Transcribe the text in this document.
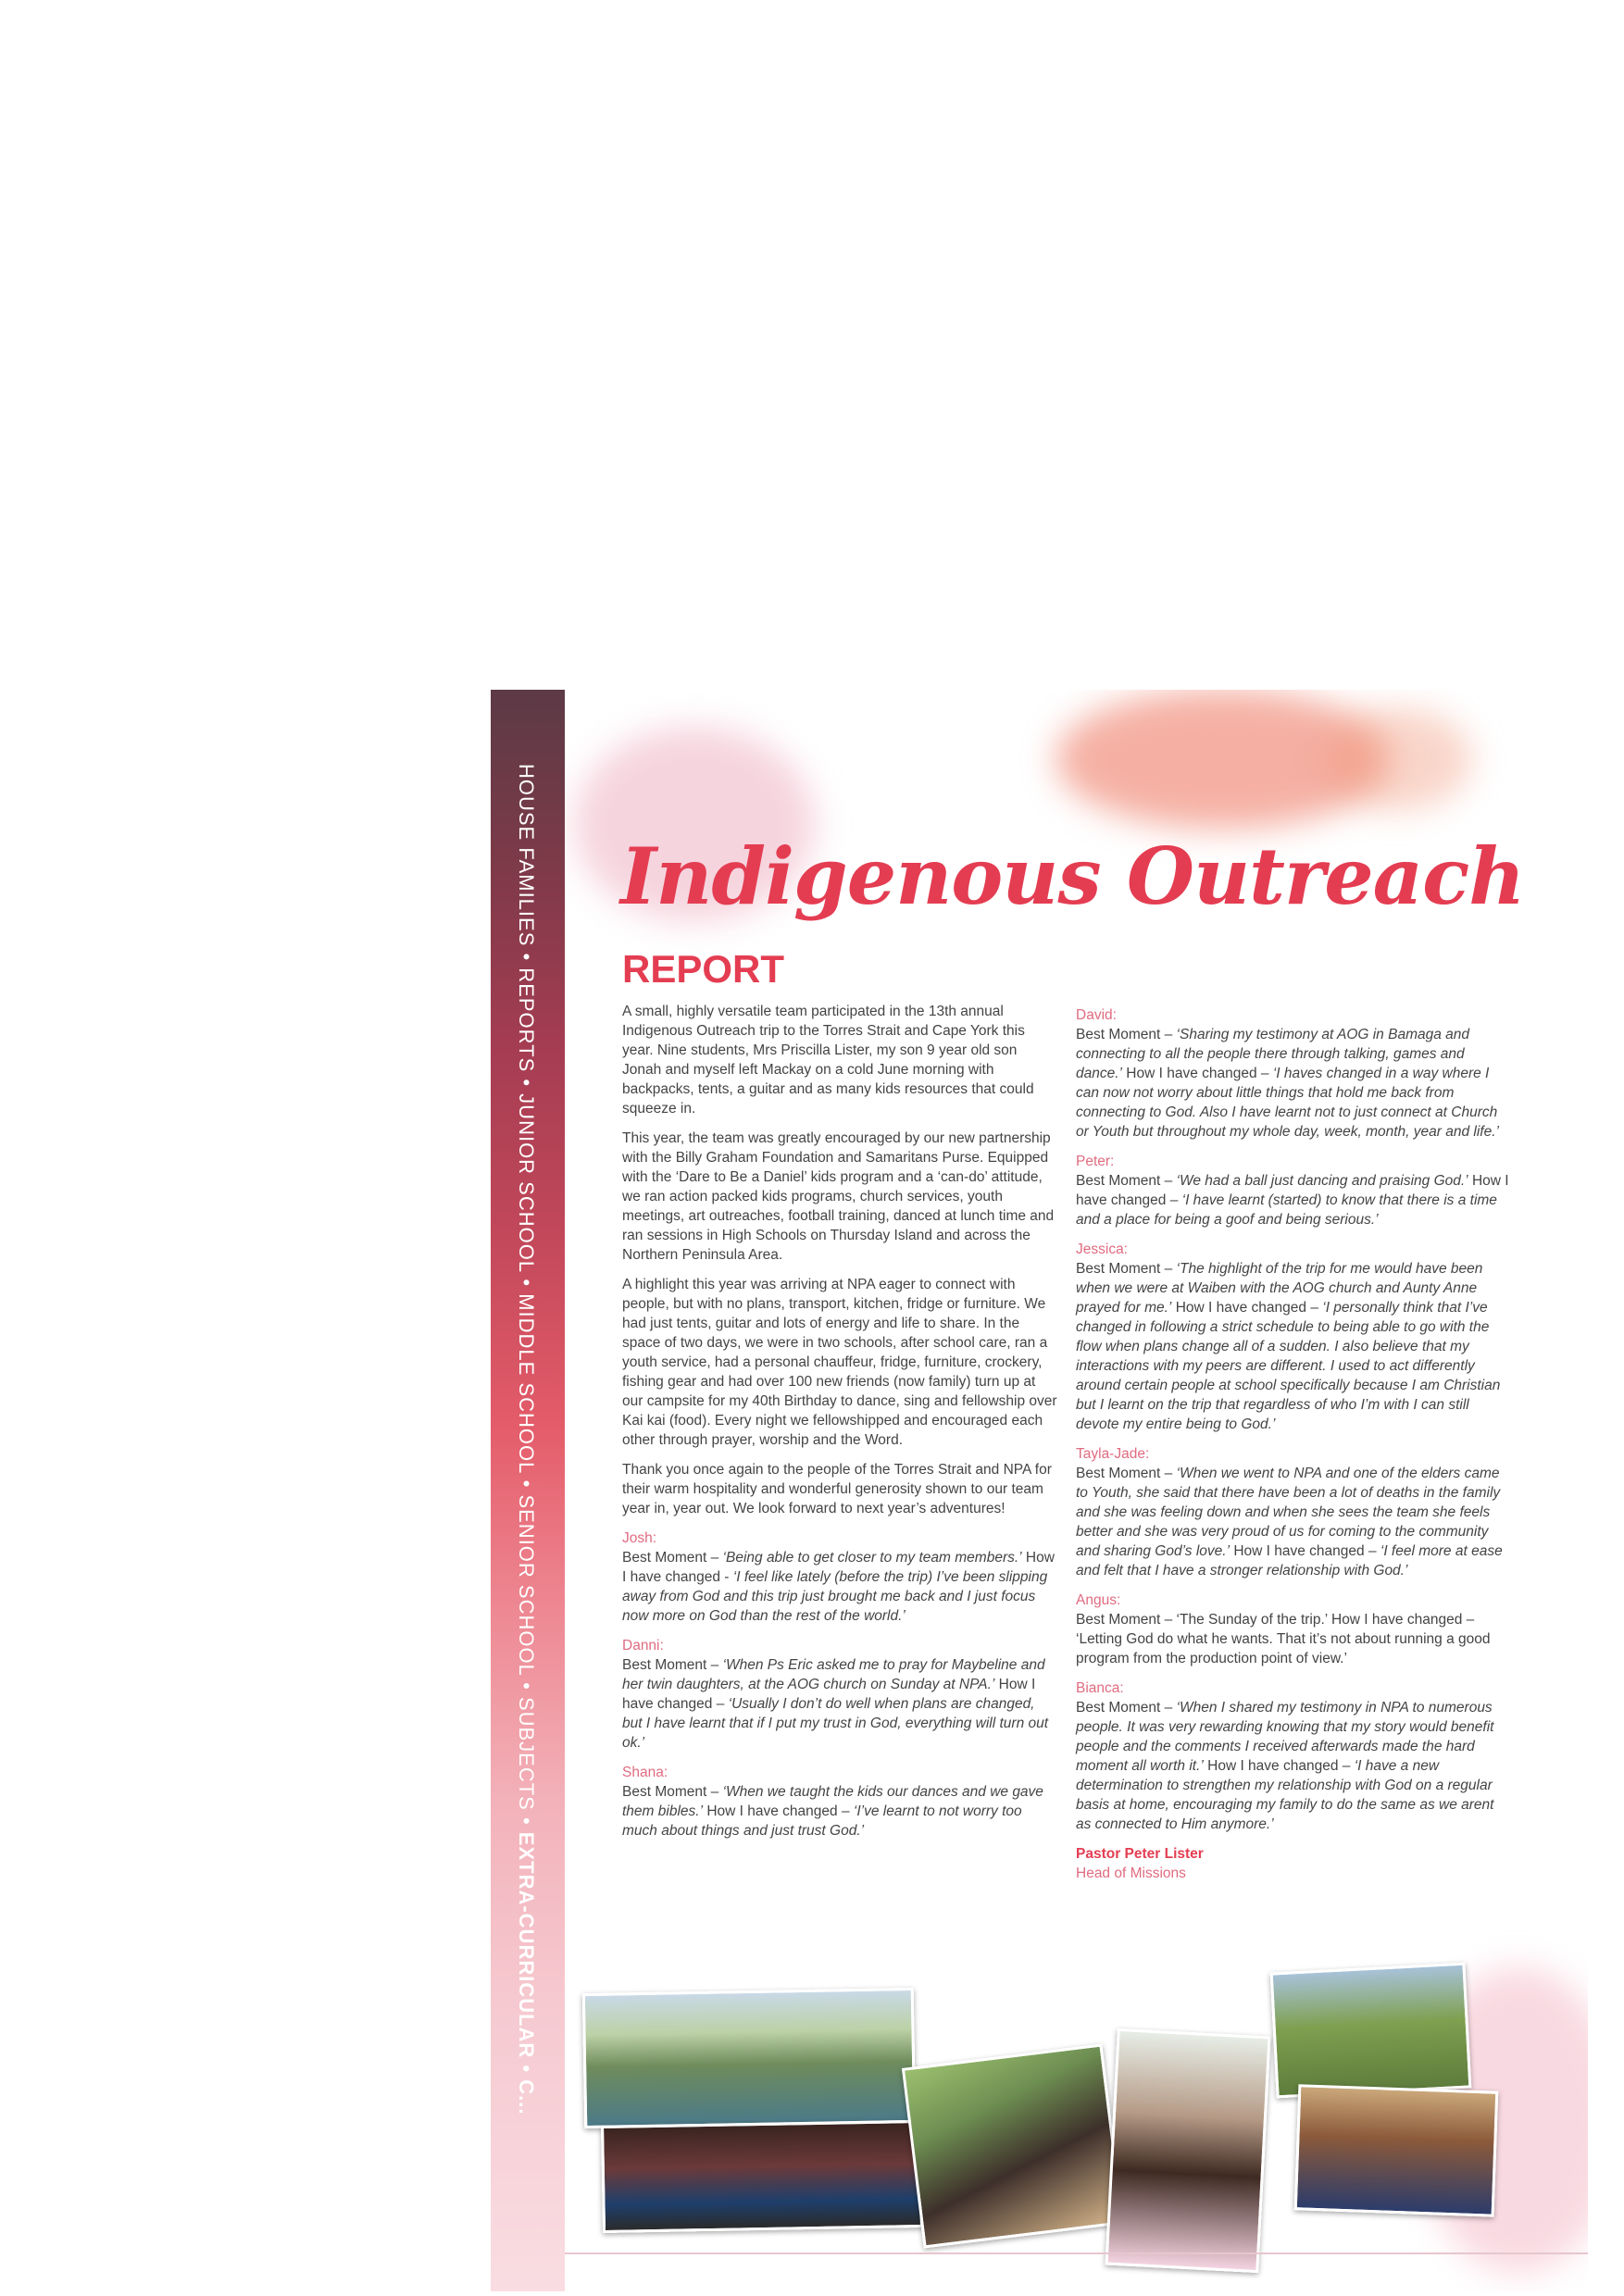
HOUSE FAMILIES • REPORTS • JUNIOR SCHOOL • MIDDLE SCHOOL • SENIOR SCHOOL • SUBJECTS • EXTRA-CURRICULAR • C...
Indigenous Outreach
REPORT

A small, highly versatile team participated in the 13th annual Indigenous Outreach trip to the Torres Strait and Cape York this year. Nine students, Mrs Priscilla Lister, my son 9 year old son Jonah and myself left Mackay on a cold June morning with backpacks, tents, a guitar and as many kids resources that could squeeze in.

This year, the team was greatly encouraged by our new partnership with the Billy Graham Foundation and Samaritans Purse. Equipped with the ‘Dare to Be a Daniel’ kids program and a ‘can-do’ attitude, we ran action packed kids programs, church services, youth meetings, art outreaches, football training, danced at lunch time and ran sessions in High Schools on Thursday Island and across the Northern Peninsula Area.

A highlight this year was arriving at NPA eager to connect with people, but with no plans, transport, kitchen, fridge or furniture. We had just tents, guitar and lots of energy and life to share. In the space of two days, we were in two schools, after school care, ran a youth service, had a personal chauffeur, fridge, furniture, crockery, fishing gear and had over 100 new friends (now family) turn up at our campsite for my 40th Birthday to dance, sing and fellowship over Kai kai (food). Every night we fellowshipped and encouraged each other through prayer, worship and the Word.

Thank you once again to the people of the Torres Strait and NPA for their warm hospitality and wonderful generosity shown to our team year in, year out. We look forward to next year’s adventures!

Josh:
Best Moment – ‘Being able to get closer to my team members.’ How I have changed - ‘I feel like lately (before the trip) I’ve been slipping away from God and this trip just brought me back and I just focus now more on God than the rest of the world.’
Danni:
Best Moment – ‘When Ps Eric asked me to pray for Maybeline and her twin daughters, at the AOG church on Sunday at NPA.’ How I have changed – ‘Usually I don’t do well when plans are changed, but I have learnt that if I put my trust in God, everything will turn out ok.’
Shana:
Best Moment – ‘When we taught the kids our dances and we gave them bibles.’ How I have changed – ‘I’ve learnt to not worry too much about things and just trust God.’
David:
Best Moment – ‘Sharing my testimony at AOG in Bamaga and connecting to all the people there through talking, games and dance.’ How I have changed – ‘I haves changed in a way where I can now not worry about little things that hold me back from connecting to God. Also I have learnt not to just connect at Church or Youth but throughout my whole day, week, month, year and life.’
Peter:
Best Moment – ‘We had a ball just dancing and praising God.’ How I have changed – ‘I have learnt (started) to know that there is a time and a place for being a goof and being serious.’
Jessica:
Best Moment – ‘The highlight of the trip for me would have been when we were at Waiben with the AOG church and Aunty Anne prayed for me.’ How I have changed – ‘I personally think that I’ve changed in following a strict schedule to being able to go with the flow when plans change all of a sudden. I also believe that my interactions with my peers are different. I used to act differently around certain people at school specifically because I am Christian but I learnt on the trip that regardless of who I’m with I can still devote my entire being to God.’
Tayla-Jade:
Best Moment – ‘When we went to NPA and one of the elders came to Youth, she said that there have been a lot of deaths in the family and she was feeling down and when she sees the team she feels better and she was very proud of us for coming to the community and sharing God’s love.’ How I have changed – ‘I feel more at ease and felt that I have a stronger relationship with God.’
Angus:
Best Moment – ‘The Sunday of the trip.’ How I have changed – ‘Letting God do what he wants. That it’s not about running a good program from the production point of view.’
Bianca:
Best Moment – ‘When I shared my testimony in NPA to numerous people. It was very rewarding knowing that my story would benefit people and the comments I received afterwards made the hard moment all worth it.’ How I have changed – ‘I have a new determination to strengthen my relationship with God on a regular basis at home, encouraging my family to do the same as we arent as connected to Him anymore.’
Pastor Peter Lister
Head of Missions
